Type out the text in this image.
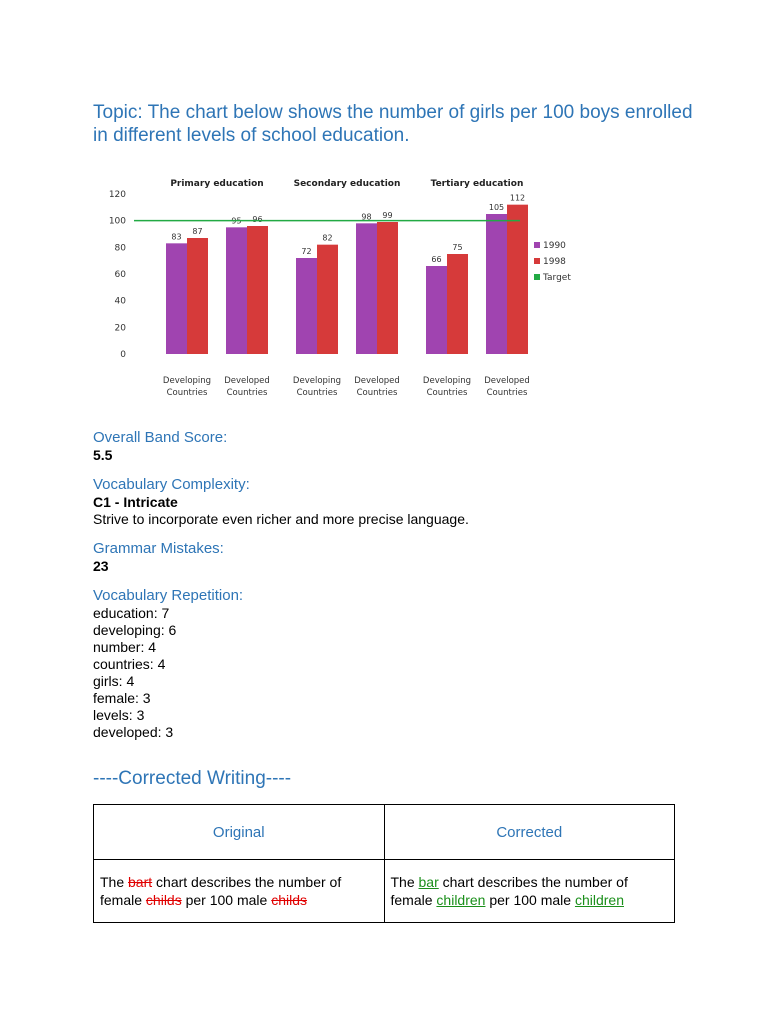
Topic: The chart below shows the number of girls per 100 boys enrolled in different levels of school education.
0
20
40
60
80
100
120
83
87
Developing
Countries
95 96
Developed
Countries
72
82
Developing
Countries
98 99
Developed
Countries
66
75
Developing
Countries
105
112
Developed
Countries
Primary education	Secondary education	Tertiary education
1990
1998
Target
Overall Band Score:
5.5
Vocabulary Complexity:
C1 - Intricate
Strive to incorporate even richer and more precise language.
Grammar Mistakes:
23
Vocabulary Repetition:
education: 7
developing: 6
number: 4
countries: 4
girls: 4
female: 3
levels: 3
developed: 3
----Corrected Writing----
Original	Corrected
The bart chart describes the number of female childs per 100 male childs	The bar chart describes the number of female children per 100 male children
